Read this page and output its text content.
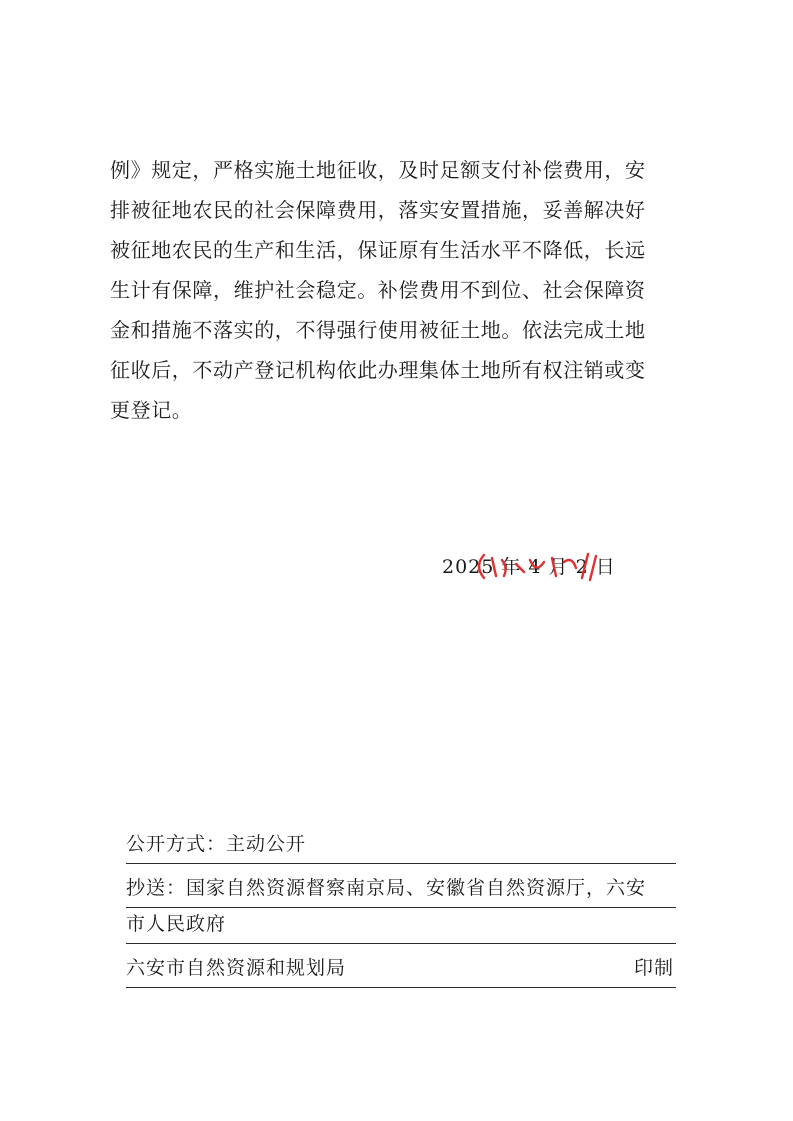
例》规定，严格实施土地征收，及时足额支付补偿费用，安
排被征地农民的社会保障费用，落实安置措施，妥善解决好
被征地农民的生产和生活，保证原有生活水平不降低，长远
生计有保障，维护社会稳定。补偿费用不到位、社会保障资
金和措施不落实的，不得强行使用被征土地。依法完成土地
征收后，不动产登记机构依此办理集体土地所有权注销或变
更登记。
2025 年 4 月 2 日
公开方式：主动公开
抄送：国家自然资源督察南京局、安徽省自然资源厅，六安
市人民政府
六安市自然资源和规划局	印制
